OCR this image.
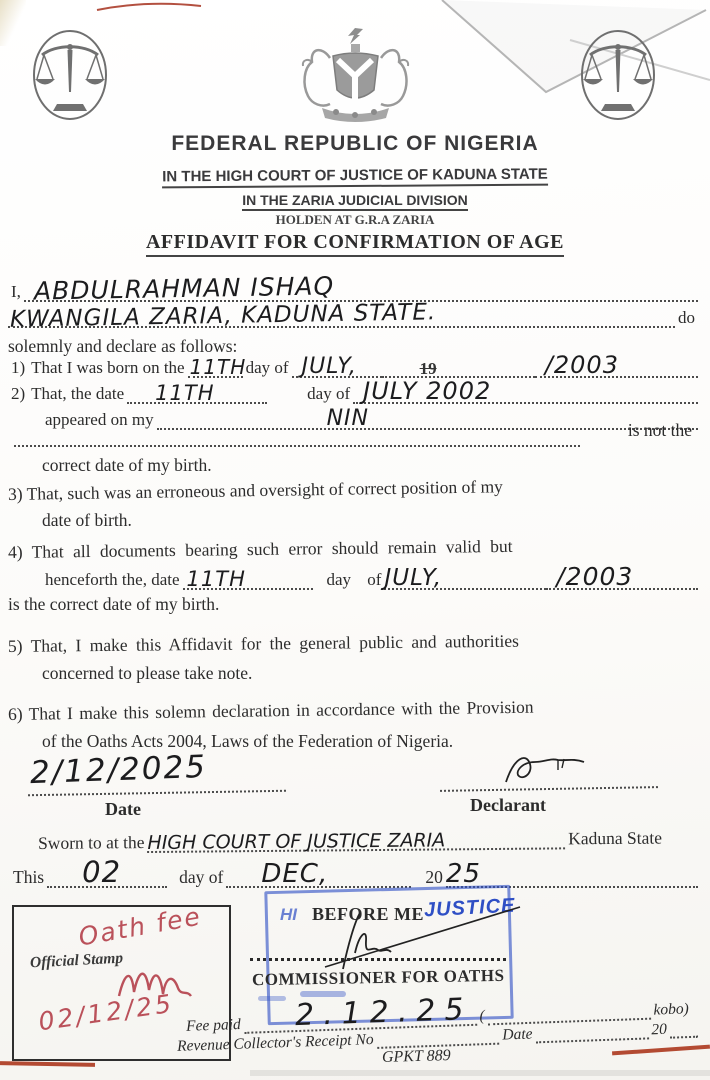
FEDERAL REPUBLIC OF NIGERIA
IN THE HIGH COURT OF JUSTICE OF KADUNA STATE
IN THE ZARIA JUDICIAL DIVISION
HOLDEN AT G.R.A ZARIA
AFFIDAVIT FOR CONFIRMATION OF AGE
I, ABDULRAHMAN ISHAQ
KWANGILA ZARIA, KADUNA STATE.	do
solemnly and declare as follows:
1) That I was born on the 11TH day of JULY,	19	/2003
2) That, the date 11TH	day of JULY 2002
appeared on my	NIN	is not the
correct date of my birth.
3) That, such was an erroneous and oversight of correct position of my
date of birth.
4) That all documents bearing such error should remain valid but
henceforth the, date 11TH	day of JULY,	/2003
is the correct date of my birth.
5) That, I make this Affidavit for the general public and authorities
concerned to please take note.
6) That I make this solemn declaration in accordance with the Provision
of the Oaths Acts 2004, Laws of the Federation of Nigeria.
2/12/2025
Date	Declarant
Sworn to at the HIGH COURT OF JUSTICE ZARIA	Kaduna State
This 02	day of DEC,	20 25
Official Stamp
Oath fee
02/12/25
HI BEFORE ME JUSTICE
COMMISSIONER FOR OATHS
2.12.25
Fee paid	(	kobo)
Revenue Collector's Receipt No	Date	20
GPKT 889
